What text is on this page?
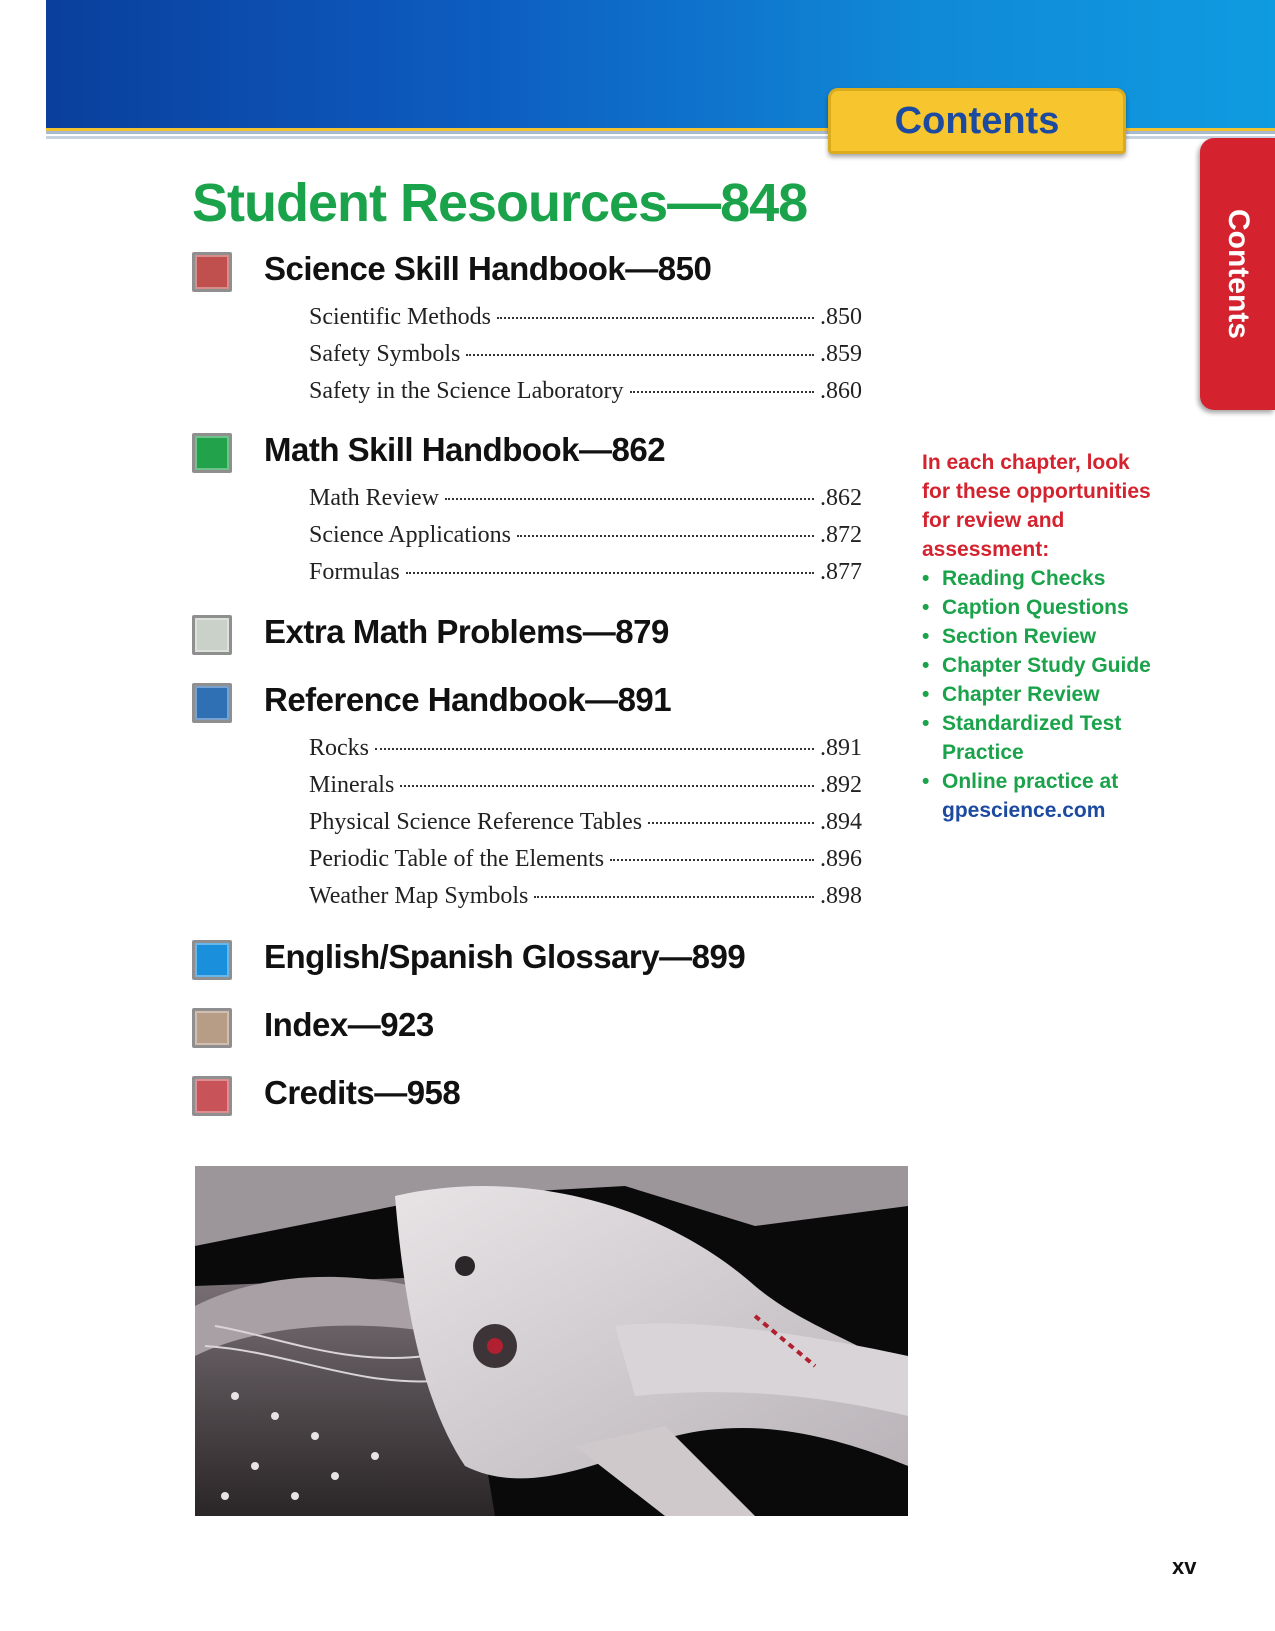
Contents
Contents
Student Resources—848
Science Skill Handbook—850
Scientific Methods	.850
Safety Symbols	.859
Safety in the Science Laboratory	.860
Math Skill Handbook—862
Math Review	.862
Science Applications	.872
Formulas	.877
Extra Math Problems—879
Reference Handbook—891
Rocks	.891
Minerals	.892
Physical Science Reference Tables	.894
Periodic Table of the Elements	.896
Weather Map Symbols	.898
English/Spanish Glossary—899
Index—923
Credits—958
In each chapter, look for these opportunities for review and assessment:
• Reading Checks
• Caption Questions
• Section Review
• Chapter Study Guide
• Chapter Review
• Standardized Test Practice
• Online practice at
gpescience.com
xv
